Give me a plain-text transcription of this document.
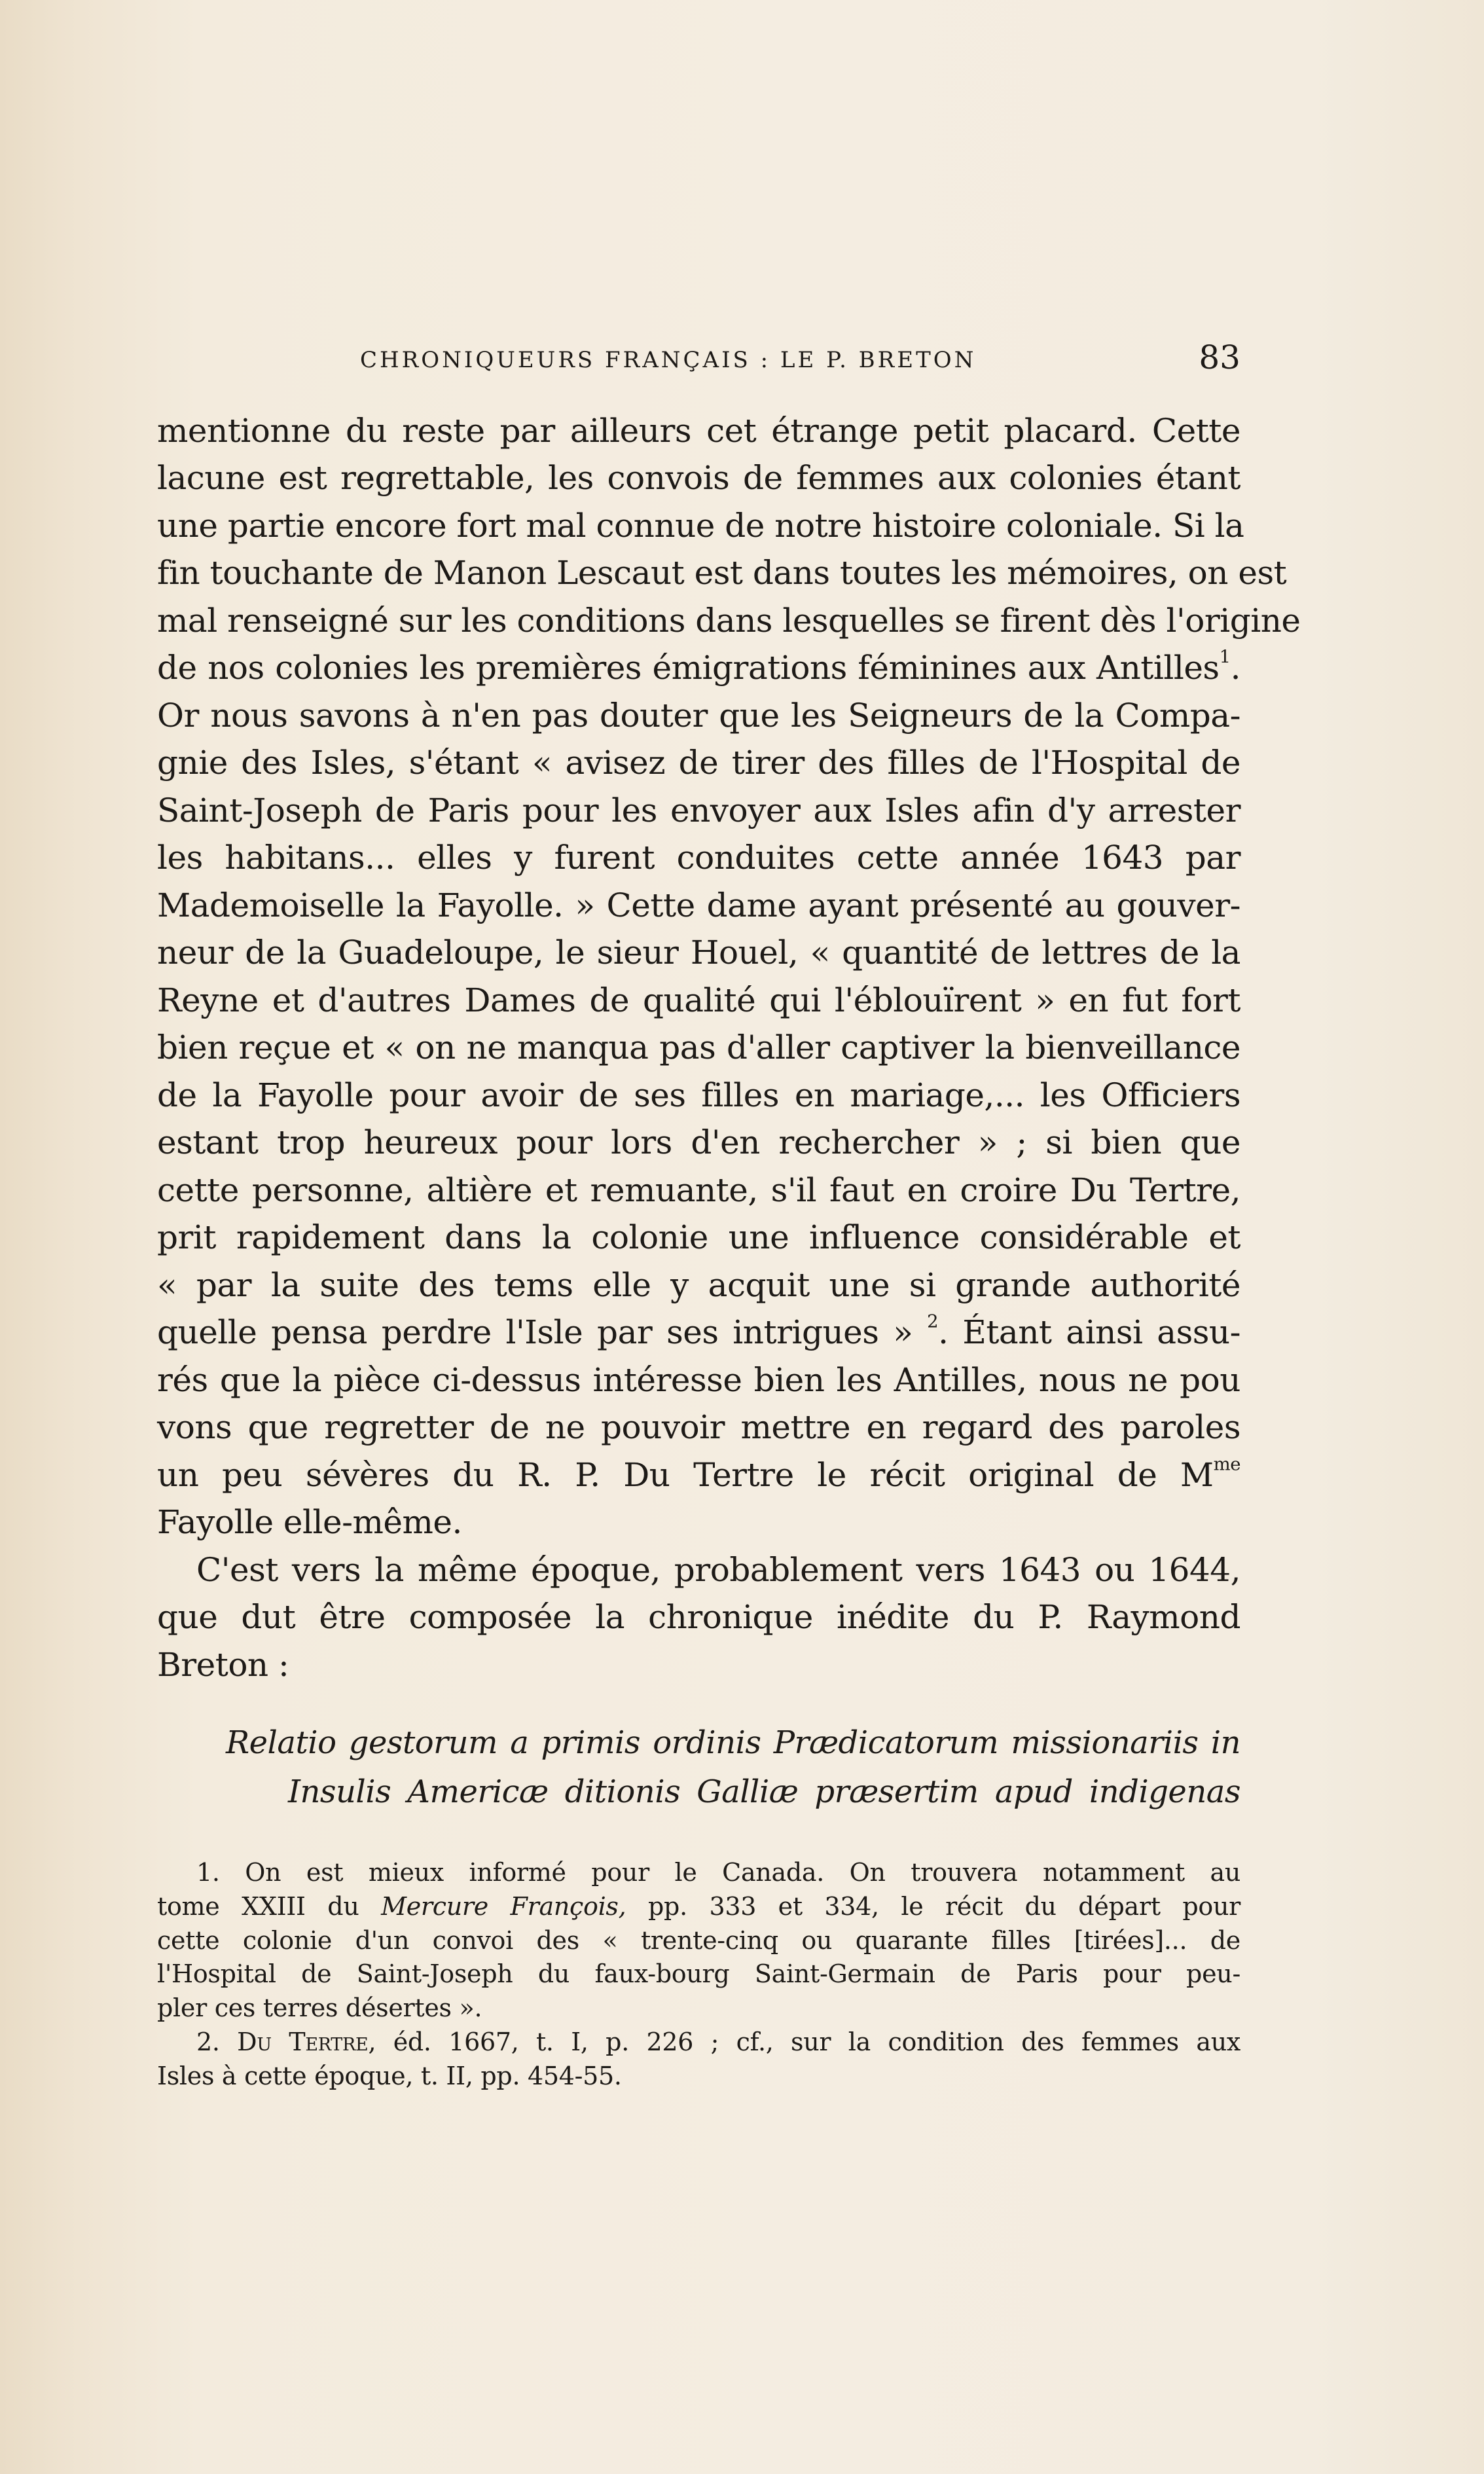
CHRONIQUEURS FRANÇAIS : LE P. BRETON	83
mentionne du reste par ailleurs cet étrange petit placard. Cette
lacune est regrettable, les convois de femmes aux colonies étant
une partie encore fort mal connue de notre histoire coloniale. Si la
fin touchante de Manon Lescaut est dans toutes les mémoires, on est
mal renseigné sur les conditions dans lesquelles se firent dès l'origine
de nos colonies les premières émigrations féminines aux Antilles$^1$.
Or nous savons à n'en pas douter que les Seigneurs de la Compa-
gnie des Isles, s'étant « avisez de tirer des filles de l'Hospital de
Saint-Joseph de Paris pour les envoyer aux Isles afin d'y arrester
les habitans... elles y furent conduites cette année 1643 par
Mademoiselle la Fayolle. » Cette dame ayant présenté au gouver-
neur de la Guadeloupe, le sieur Houel, « quantité de lettres de la
Reyne et d'autres Dames de qualité qui l'éblouïrent » en fut fort
bien reçue et « on ne manqua pas d'aller captiver la bienveillance
de la Fayolle pour avoir de ses filles en mariage,... les Officiers
estant trop heureux pour lors d'en rechercher » ; si bien que
cette personne, altière et remuante, s'il faut en croire Du Tertre,
prit rapidement dans la colonie une influence considérable et
« par la suite des tems elle y acquit une si grande authorité
quelle pensa perdre l'Isle par ses intrigues » $^2$. Étant ainsi assu-
rés que la pièce ci-dessus intéresse bien les Antilles, nous ne pou
vons que regretter de ne pouvoir mettre en regard des paroles
un peu sévères du R. P. Du Tertre le récit original de $M^{me}$
Fayolle elle-même.
C'est vers la même époque, probablement vers 1643 ou 1644,
que dut être composée la chronique inédite du P. Raymond
Breton :
Relatio gestorum a primis ordinis Prædicatorum missionariis in
Insulis Americæ ditionis Galliæ præsertim apud indigenas
1. On est mieux informé pour le Canada. On trouvera notamment au
tome XXIII du Mercure François, pp. 333 et 334, le récit du départ pour
cette colonie d'un convoi des « trente-cinq ou quarante filles [tirées]... de
l'Hospital de Saint-Joseph du faux-bourg Saint-Germain de Paris pour peu-
pler ces terres désertes ».
2. Du Tertre, éd. 1667, t. I, p. 226 ; cf., sur la condition des femmes aux
Isles à cette époque, t. II, pp. 454-55.
